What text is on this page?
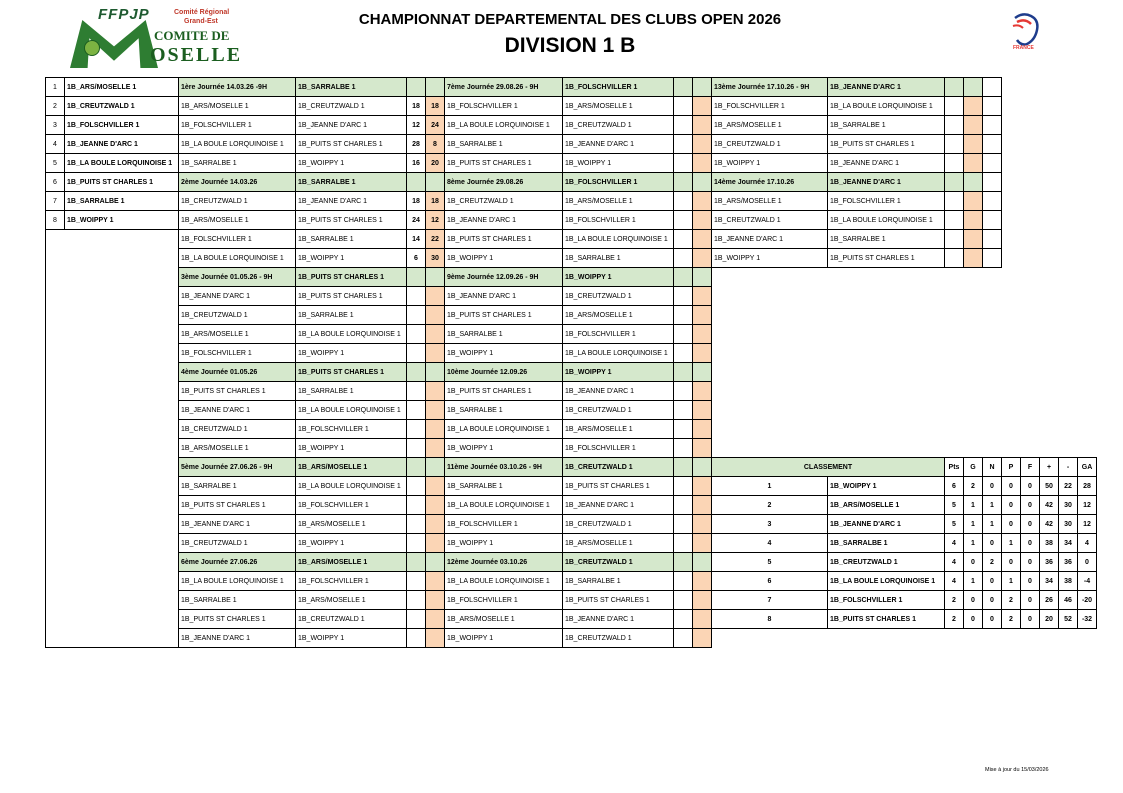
FFPJP	Comité Régional
Grand-Est
COMITE DE
OSELLE	FRANCE
CHAMPIONNAT DEPARTEMENTAL DES CLUBS OPEN 2026
DIVISION 1 B
1	1B_ARS/MOSELLE 1	1ère Journée 14.03.26 -9H	1B_SARRALBE 1			7ème Journée 29.08.26 - 9H	1B_FOLSCHVILLER 1			13ème Journée 17.10.26 - 9H	1B_JEANNE D'ARC 1								
2	1B_CREUTZWALD 1	1B_ARS/MOSELLE 1	1B_CREUTZWALD 1	18	18	1B_FOLSCHVILLER 1	1B_ARS/MOSELLE 1			1B_FOLSCHVILLER 1	1B_LA BOULE LORQUINOISE 1								
3	1B_FOLSCHVILLER 1	1B_FOLSCHVILLER 1	1B_JEANNE D'ARC 1	12	24	1B_LA BOULE LORQUINOISE 1	1B_CREUTZWALD 1			1B_ARS/MOSELLE 1	1B_SARRALBE 1								
4	1B_JEANNE D'ARC 1	1B_LA BOULE LORQUINOISE 1	1B_PUITS ST CHARLES 1	28	8	1B_SARRALBE 1	1B_JEANNE D'ARC 1			1B_CREUTZWALD 1	1B_PUITS ST CHARLES 1								
5	1B_LA BOULE LORQUINOISE 1	1B_SARRALBE 1	1B_WOIPPY 1	16	20	1B_PUITS ST CHARLES 1	1B_WOIPPY 1			1B_WOIPPY 1	1B_JEANNE D'ARC 1								
6	1B_PUITS ST CHARLES 1	2ème Journée 14.03.26	1B_SARRALBE 1			8ème Journée 29.08.26	1B_FOLSCHVILLER 1			14ème Journée 17.10.26	1B_JEANNE D'ARC 1								
7	1B_SARRALBE 1	1B_CREUTZWALD 1	1B_JEANNE D'ARC 1	18	18	1B_CREUTZWALD 1	1B_ARS/MOSELLE 1			1B_ARS/MOSELLE 1	1B_FOLSCHVILLER 1								
8	1B_WOIPPY 1	1B_ARS/MOSELLE 1	1B_PUITS ST CHARLES 1	24	12	1B_JEANNE D'ARC 1	1B_FOLSCHVILLER 1			1B_CREUTZWALD 1	1B_LA BOULE LORQUINOISE 1								
		1B_FOLSCHVILLER 1	1B_SARRALBE 1	14	22	1B_PUITS ST CHARLES 1	1B_LA BOULE LORQUINOISE 1			1B_JEANNE D'ARC 1	1B_SARRALBE 1								
		1B_LA BOULE LORQUINOISE 1	1B_WOIPPY 1	6	30	1B_WOIPPY 1	1B_SARRALBE 1			1B_WOIPPY 1	1B_PUITS ST CHARLES 1								
		3ème Journée 01.05.26 - 9H	1B_PUITS ST CHARLES 1			9ème Journée 12.09.26 - 9H	1B_WOIPPY 1												
		1B_JEANNE D'ARC 1	1B_PUITS ST CHARLES 1			1B_JEANNE D'ARC 1	1B_CREUTZWALD 1												
		1B_CREUTZWALD 1	1B_SARRALBE 1			1B_PUITS ST CHARLES 1	1B_ARS/MOSELLE 1												
		1B_ARS/MOSELLE 1	1B_LA BOULE LORQUINOISE 1			1B_SARRALBE 1	1B_FOLSCHVILLER 1												
		1B_FOLSCHVILLER 1	1B_WOIPPY 1			1B_WOIPPY 1	1B_LA BOULE LORQUINOISE 1												
		4ème Journée 01.05.26	1B_PUITS ST CHARLES 1			10ème Journée 12.09.26	1B_WOIPPY 1												
		1B_PUITS ST CHARLES 1	1B_SARRALBE 1			1B_PUITS ST CHARLES 1	1B_JEANNE D'ARC 1												
		1B_JEANNE D'ARC 1	1B_LA BOULE LORQUINOISE 1			1B_SARRALBE 1	1B_CREUTZWALD 1												
		1B_CREUTZWALD 1	1B_FOLSCHVILLER 1			1B_LA BOULE LORQUINOISE 1	1B_ARS/MOSELLE 1												
		1B_ARS/MOSELLE 1	1B_WOIPPY 1			1B_WOIPPY 1	1B_FOLSCHVILLER 1												
		5ème Journée 27.06.26 - 9H	1B_ARS/MOSELLE 1			11ème Journée 03.10.26 - 9H	1B_CREUTZWALD 1			CLASSEMENT		Pts	G	N	P	F	+	-	GA
		1B_SARRALBE 1	1B_LA BOULE LORQUINOISE 1			1B_SARRALBE 1	1B_PUITS ST CHARLES 1			1	1B_WOIPPY 1	6	2	0	0	0	50	22	28
		1B_PUITS ST CHARLES 1	1B_FOLSCHVILLER 1			1B_LA BOULE LORQUINOISE 1	1B_JEANNE D'ARC 1			2	1B_ARS/MOSELLE 1	5	1	1	0	0	42	30	12
		1B_JEANNE D'ARC 1	1B_ARS/MOSELLE 1			1B_FOLSCHVILLER 1	1B_CREUTZWALD 1			3	1B_JEANNE D'ARC 1	5	1	1	0	0	42	30	12
		1B_CREUTZWALD 1	1B_WOIPPY 1			1B_WOIPPY 1	1B_ARS/MOSELLE 1			4	1B_SARRALBE 1	4	1	0	1	0	38	34	4
		6ème Journée 27.06.26	1B_ARS/MOSELLE 1			12ème Journée 03.10.26	1B_CREUTZWALD 1			5	1B_CREUTZWALD 1	4	0	2	0	0	36	36	0
		1B_LA BOULE LORQUINOISE 1	1B_FOLSCHVILLER 1			1B_LA BOULE LORQUINOISE 1	1B_SARRALBE 1			6	1B_LA BOULE LORQUINOISE 1	4	1	0	1	0	34	38	-4
		1B_SARRALBE 1	1B_ARS/MOSELLE 1			1B_FOLSCHVILLER 1	1B_PUITS ST CHARLES 1			7	1B_FOLSCHVILLER 1	2	0	0	2	0	26	46	-20
		1B_PUITS ST CHARLES 1	1B_CREUTZWALD 1			1B_ARS/MOSELLE 1	1B_JEANNE D'ARC 1			8	1B_PUITS ST CHARLES 1	2	0	0	2	0	20	52	-32
		1B_JEANNE D'ARC 1	1B_WOIPPY 1			1B_WOIPPY 1	1B_CREUTZWALD 1												
Mise à jour du 15/03/2026
